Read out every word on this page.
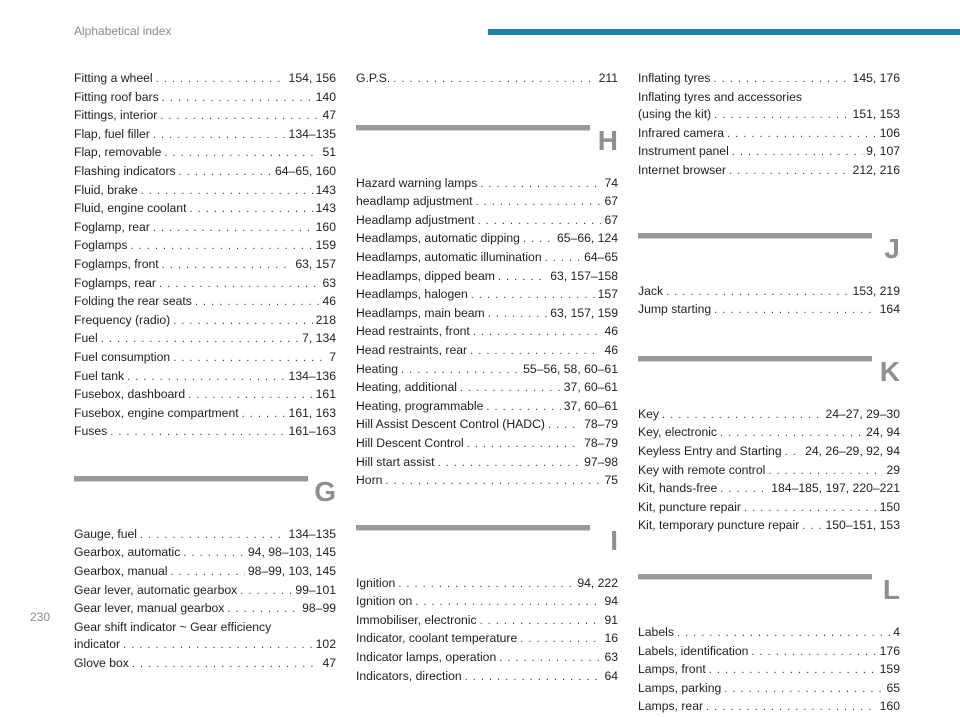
Alphabetical index
Fitting a wheel . . .	154, 156
Fitting roof bars . . .	140
Fittings, interior . . .	47
Flap, fuel filler . . .	134–135
Flap, removable . . .	51
Flashing indicators . . .	64–65, 160
Fluid, brake . . .	143
Fluid, engine coolant . . .	143
Foglamp, rear . . .	160
Foglamps . . .	159
Foglamps, front . . .	63, 157
Foglamps, rear . . .	63
Folding the rear seats . . .	46
Frequency (radio) . . .	218
Fuel . . .	7, 134
Fuel consumption . . .	7
Fuel tank . . .	134–136
Fusebox, dashboard . . .	161
Fusebox, engine compartment . . .	161, 163
Fuses . . .	161–163
G
Gauge, fuel . . .	134–135
Gearbox, automatic . . .	94, 98–103, 145
Gearbox, manual . . .	98–99, 103, 145
Gear lever, automatic gearbox . . .	99–101
Gear lever, manual gearbox . . .	98–99
Gear shift indicator ~ Gear efficiency
indicator . . .	102
Glove box . . .	47
G.P.S. . . .	211
H
Hazard warning lamps . . .	74
headlamp adjustment . . .	67
Headlamp adjustment . . .	67
Headlamps, automatic dipping . . .	65–66, 124
Headlamps, automatic illumination . . .	64–65
Headlamps, dipped beam . . .	63, 157–158
Headlamps, halogen . . .	157
Headlamps, main beam . . .	63, 157, 159
Head restraints, front . . .	46
Head restraints, rear . . .	46
Heating . . .	55–56, 58, 60–61
Heating, additional . . .	37, 60–61
Heating, programmable . . .	37, 60–61
Hill Assist Descent Control (HADC) . . .	78–79
Hill Descent Control . . .	78–79
Hill start assist . . .	97–98
Horn . . .	75
I
Ignition . . .	94, 222
Ignition on . . .	94
Immobiliser, electronic . . .	91
Indicator, coolant temperature . . .	16
Indicator lamps, operation . . .	63
Indicators, direction . . .	64
Inflating tyres . . .	145, 176
Inflating tyres and accessories
(using the kit) . . .	151, 153
Infrared camera . . .	106
Instrument panel . . .	9, 107
Internet browser . . .	212, 216
J
Jack . . .	153, 219
Jump starting . . .	164
K
Key . . .	24–27, 29–30
Key, electronic . . .	24, 94
Keyless Entry and Starting . . . 24, 26–29, 92, 94
Key with remote control . . .	29
Kit, hands-free . . .	184–185, 197, 220–221
Kit, puncture repair . . .	150
Kit, temporary puncture repair . . . 150–151, 153
L
Labels . . .	4
Labels, identification . . .	176
Lamps, front . . .	159
Lamps, parking . . .	65
Lamps, rear . . .	160
230
